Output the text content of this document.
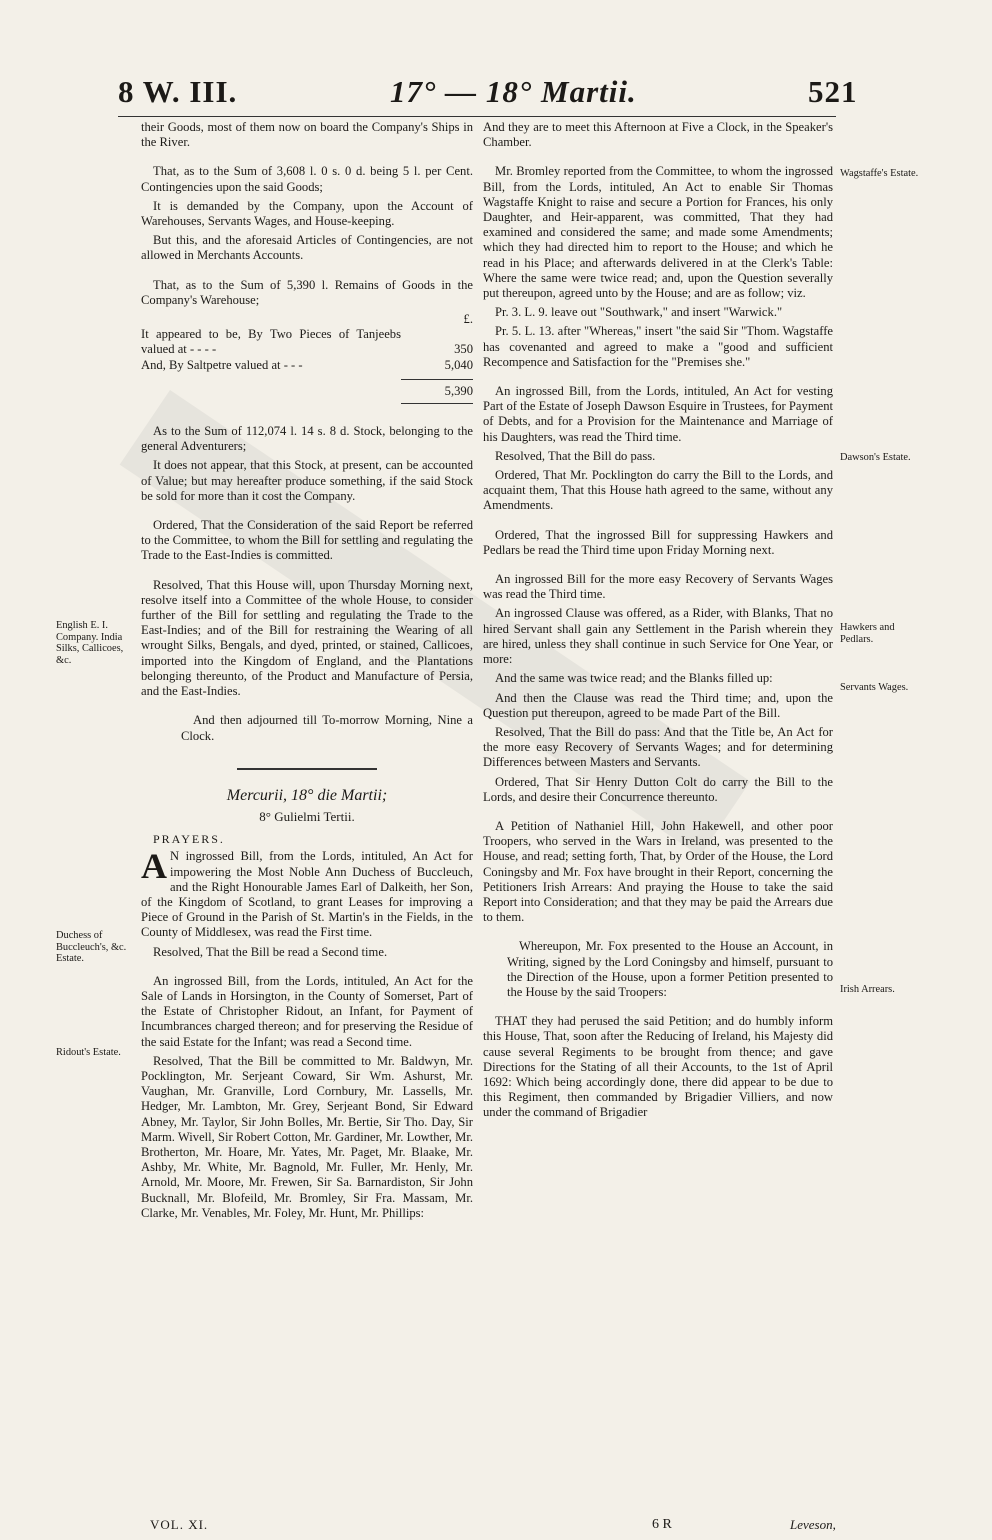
8 W. III.	17° — 18° Martii.	521

their Goods, most of them now on board the Company's Ships in the River.

That, as to the Sum of 3,608 l. 0 s. 0 d. being 5 l. per Cent. Contingencies upon the said Goods;

It is demanded by the Company, upon the Account of Warehouses, Servants Wages, and House-keeping.

But this, and the aforesaid Articles of Contingencies, are not allowed in Merchants Accounts.

That, as to the Sum of 5,390 l. Remains of Goods in the Company's Warehouse;

£.
It appeared to be, By Two Pieces of Tanjeebs valued at - - - -	350
And, By Saltpetre valued at - - -	5,040
5,390

As to the Sum of 112,074 l. 14 s. 8 d. Stock, belonging to the general Adventurers;

It does not appear, that this Stock, at present, can be accounted of Value; but may hereafter produce something, if the said Stock be sold for more than it cost the Company.

Ordered, That the Consideration of the said Report be referred to the Committee, to whom the Bill for settling and regulating the Trade to the East-Indies is committed.

Resolved, That this House will, upon Thursday Morning next, resolve itself into a Committee of the whole House, to consider further of the Bill for settling and regulating the Trade to the East-Indies; and of the Bill for restraining the Wearing of all wrought Silks, Bengals, and dyed, printed, or stained, Callicoes, imported into the Kingdom of England, and the Plantations belonging thereunto, of the Product and Manufacture of Persia, and the East-Indies.

And then adjourned till To-morrow Morning, Nine a Clock.

Mercurii, 18° die Martii;
8° Gulielmi Tertii.
PRAYERS.

A N ingrossed Bill, from the Lords, intituled, An Act for impowering the Most Noble Ann Duchess of Buccleuch, and the Right Honourable James Earl of Dalkeith, her Son, of the Kingdom of Scotland, to grant Leases for improving a Piece of Ground in the Parish of St. Martin's in the Fields, in the County of Middlesex, was read the First time.

Resolved, That the Bill be read a Second time.

An ingrossed Bill, from the Lords, intituled, An Act for the Sale of Lands in Horsington, in the County of Somerset, Part of the Estate of Christopher Ridout, an Infant, for Payment of Incumbrances charged thereon; and for preserving the Residue of the said Estate for the Infant; was read a Second time.

Resolved, That the Bill be committed to Mr. Baldwyn, Mr. Pocklington, Mr. Serjeant Coward, Sir Wm. Ashurst, Mr. Vaughan, Mr. Granville, Lord Cornbury, Mr. Lassells, Mr. Hedger, Mr. Lambton, Mr. Grey, Serjeant Bond, Sir Edward Abney, Mr. Taylor, Sir John Bolles, Mr. Bertie, Sir Tho. Day, Sir Marm. Wivell, Sir Robert Cotton, Mr. Gardiner, Mr. Lowther, Mr. Brotherton, Mr. Hoare, Mr. Yates, Mr. Paget, Mr. Blaake, Mr. Ashby, Mr. White, Mr. Bagnold, Mr. Fuller, Mr. Henly, Mr. Arnold, Mr. Moore, Mr. Frewen, Sir Sa. Barnardiston, Sir John Bucknall, Mr. Blofeild, Mr. Bromley, Sir Fra. Massam, Mr. Clarke, Mr. Venables, Mr. Foley, Mr. Hunt, Mr. Phillips:

And they are to meet this Afternoon at Five a Clock, in the Speaker's Chamber.

Mr. Bromley reported from the Committee, to whom the ingrossed Bill, from the Lords, intituled, An Act to enable Sir Thomas Wagstaffe Knight to raise and secure a Portion for Frances, his only Daughter, and Heir-apparent, was committed, That they had examined and considered the same; and made some Amendments; which they had directed him to report to the House; and which he read in his Place; and afterwards delivered in at the Clerk's Table: Where the same were twice read; and, upon the Question severally put thereupon, agreed unto by the House; and are as follow; viz.

Pr. 3. L. 9. leave out "Southwark," and insert "Warwick."

Pr. 5. L. 13. after "Whereas," insert "the said Sir "Thom. Wagstaffe has covenanted and agreed to make a "good and sufficient Recompence and Satisfaction for the "Premises she."

An ingrossed Bill, from the Lords, intituled, An Act for vesting Part of the Estate of Joseph Dawson Esquire in Trustees, for Payment of Debts, and for a Provision for the Maintenance and Marriage of his Daughters, was read the Third time.

Resolved, That the Bill do pass.

Ordered, That Mr. Pocklington do carry the Bill to the Lords, and acquaint them, That this House hath agreed to the same, without any Amendments.

Ordered, That the ingrossed Bill for suppressing Hawkers and Pedlars be read the Third time upon Friday Morning next.

An ingrossed Bill for the more easy Recovery of Servants Wages was read the Third time.

An ingrossed Clause was offered, as a Rider, with Blanks, That no hired Servant shall gain any Settlement in the Parish wherein they are hired, unless they shall continue in such Service for One Year, or more:

And the same was twice read; and the Blanks filled up:

And then the Clause was read the Third time; and, upon the Question put thereupon, agreed to be made Part of the Bill.

Resolved, That the Bill do pass: And that the Title be, An Act for the more easy Recovery of Servants Wages; and for determining Differences between Masters and Servants.

Ordered, That Sir Henry Dutton Colt do carry the Bill to the Lords, and desire their Concurrence thereunto.

A Petition of Nathaniel Hill, John Hakewell, and other poor Troopers, who served in the Wars in Ireland, was presented to the House, and read; setting forth, That, by Order of the House, the Lord Coningsby and Mr. Fox have brought in their Report, concerning the Petitioners Irish Arrears: And praying the House to take the said Report into Consideration; and that they may be paid the Arrears due to them.

Whereupon, Mr. Fox presented to the House an Account, in Writing, signed by the Lord Coningsby and himself, pursuant to the Direction of the House, upon a former Petition presented to the House by the said Troopers:

THAT they had perused the said Petition; and do humbly inform this House, That, soon after the Reducing of Ireland, his Majesty did cause several Regiments to be brought from thence; and gave Directions for the Stating of all their Accounts, to the 1st of April 1692: Which being accordingly done, there did appear to be due to this Regiment, then commanded by Brigadier Villiers, and now under the command of Brigadier

English E. I. Company. India Silks, Callicoes, &c.
Duchess of Buccleuch's, &c. Estate.
Ridout's Estate.
Wagstaffe's Estate.
Dawson's Estate.
Hawkers and Pedlars.
Servants Wages.
Irish Arrears.
VOL. XI.	6 R	Leveson,
